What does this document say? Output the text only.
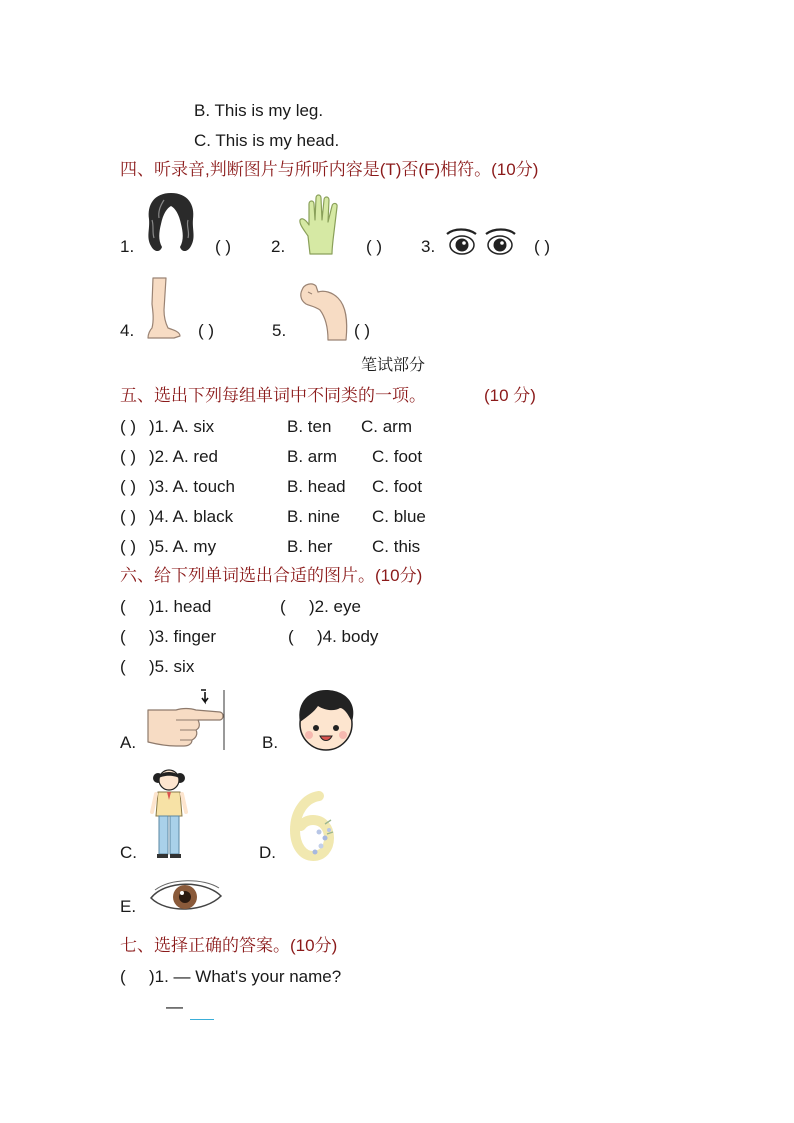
B. This is my leg.
C. This is my head.
四、听录音,判断图片与所听内容是(T)否(F)相符。(10分)
1.	( ) 2.	( ) 3.	( )
4.	( )	5.	( )
笔试部分
五、选出下列每组单词中不同类的一项。	(10 分)
( ) )1. A. six	B. ten C. arm
( ) )2. A. red	B. arm C. foot
( ) )3. A. touch	B. head C. foot
( ) )4. A. black	B. nine C. blue
( ) )5. A. my	B. her C. this
六、给下列单词选出合适的图片。(10分)
( )1. head	( )2. eye
( )3. finger	( )4. body
( )5. six
A.	B.
C.	D.
E.
七、选择正确的答案。(10分)
( )1. — What's your name?
—
